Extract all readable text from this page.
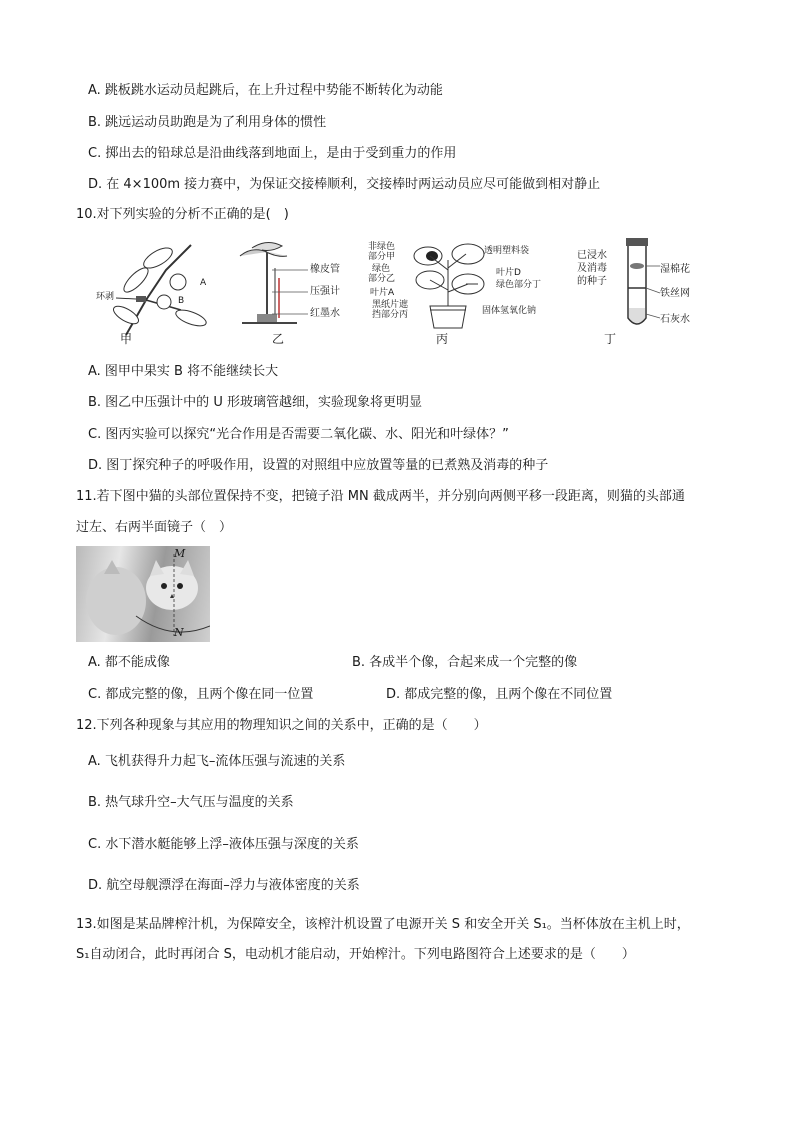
A. 跳板跳水运动员起跳后，在上升过程中势能不断转化为动能
B. 跳远运动员助跑是为了利用身体的惯性
C. 掷出去的铅球总是沿曲线落到地面上，是由于受到重力的作用
D. 在 4×100m 接力赛中，为保证交接棒顺利，交接棒时两运动员应尽可能做到相对静止
10.对下列实验的分析不正确的是(　)
环剥
A
B
甲
橡皮管
压强计
红墨水
乙
非绿色
部分甲
绿色
部分乙
叶片A
透明塑料袋
叶片D
绿色部分丁
黑纸片遮
挡部分丙	固体氢氧化钠
丙
已浸水
及消毒
的种子
湿棉花
铁丝网
石灰水
丁
A. 图甲中果实 B 将不能继续长大
B. 图乙中压强计中的 U 形玻璃管越细，实验现象将更明显
C. 图丙实验可以探究“光合作用是否需要二氧化碳、水、阳光和叶绿体？”
D. 图丁探究种子的呼吸作用，设置的对照组中应放置等量的已煮熟及消毒的种子
11.若下图中猫的头部位置保持不变，把镜子沿 MN 截成两半，并分别向两侧平移一段距离，则猫的头部通
过左、右两半面镜子（　）
M
N
A. 都不能成像	B. 各成半个像，合起来成一个完整的像
C. 都成完整的像，且两个像在同一位置	D. 都成完整的像，且两个像在不同位置
12.下列各种现象与其应用的物理知识之间的关系中，正确的是（　　）
A. 飞机获得升力起飞–流体压强与流速的关系
B. 热气球升空–大气压与温度的关系
C. 水下潜水艇能够上浮–液体压强与深度的关系
D. 航空母舰漂浮在海面–浮力与液体密度的关系
13.如图是某品牌榨汁机，为保障安全，该榨汁机设置了电源开关 S 和安全开关 S₁。当杯体放在主机上时，
S₁自动闭合，此时再闭合 S，电动机才能启动，开始榨汁。下列电路图符合上述要求的是（　　）
